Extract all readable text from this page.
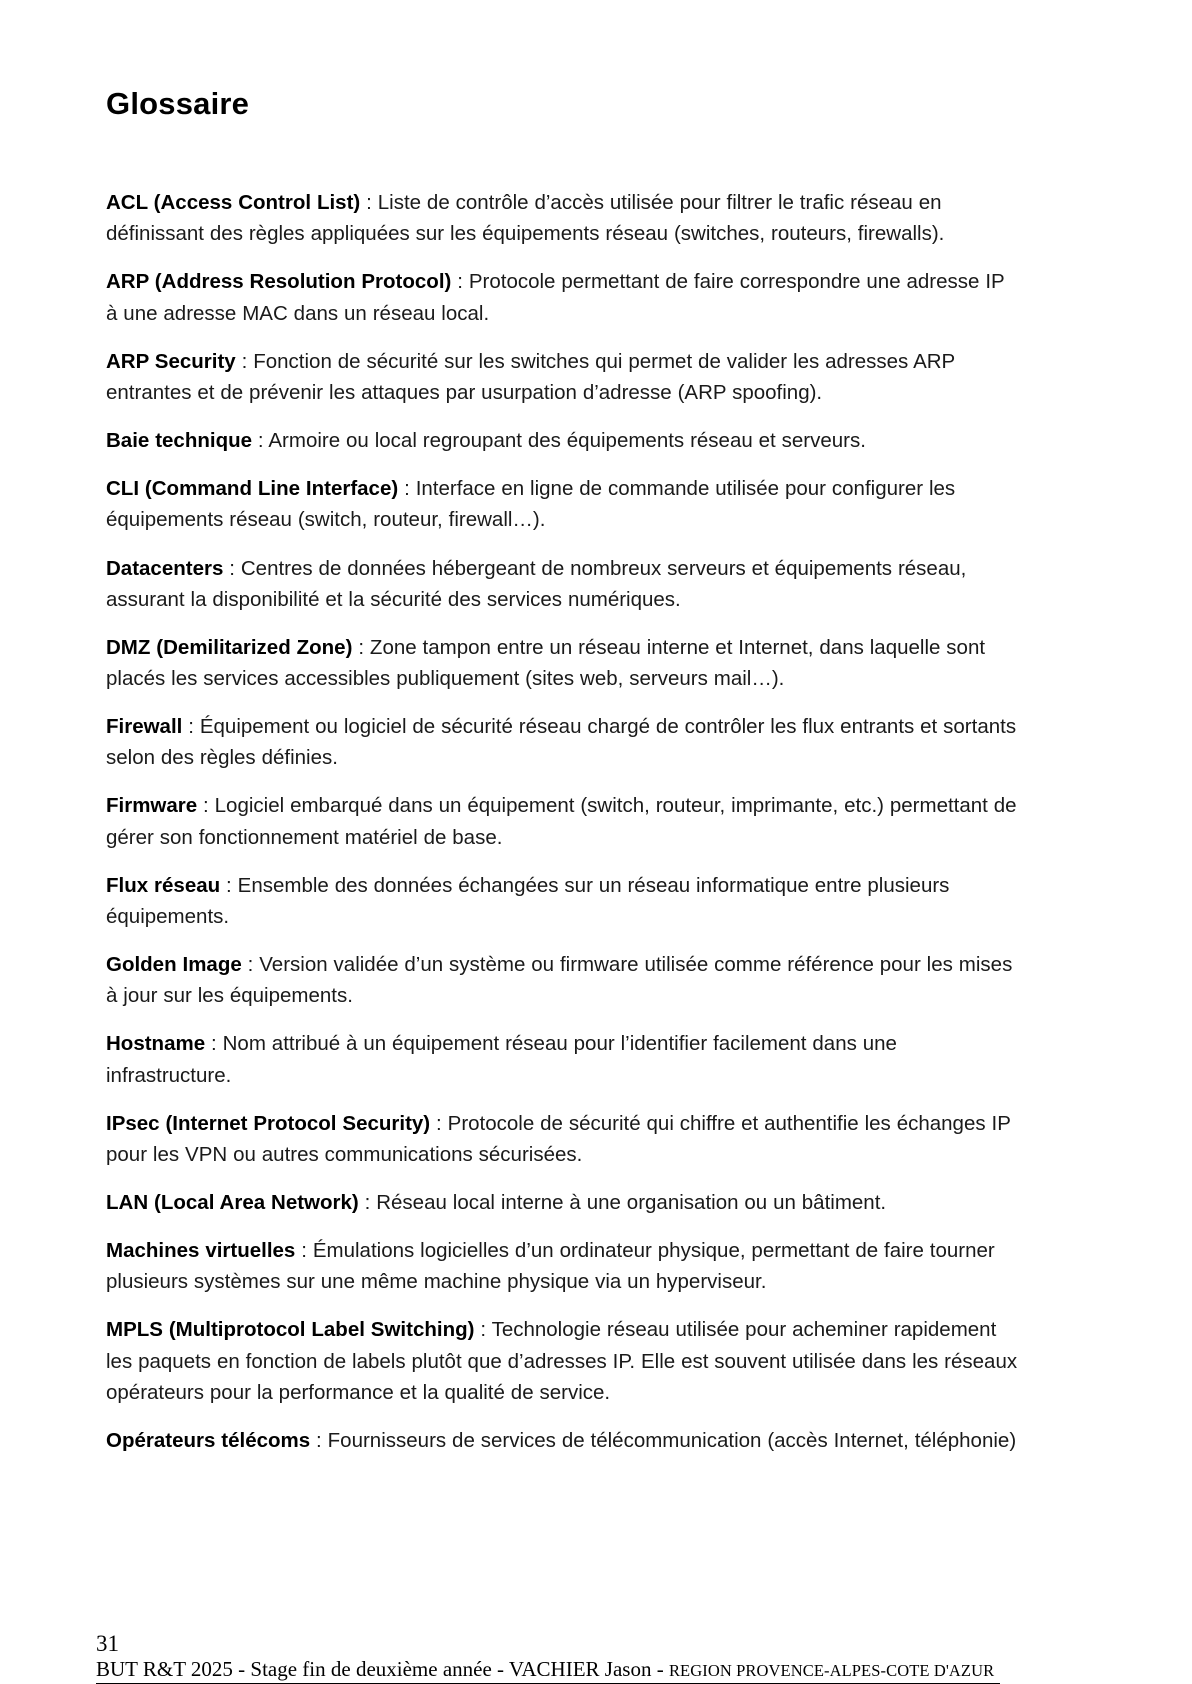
Glossaire

ACL (Access Control List) : Liste de contrôle d’accès utilisée pour filtrer le trafic réseau en définissant des règles appliquées sur les équipements réseau (switches, routeurs, firewalls).

ARP (Address Resolution Protocol) : Protocole permettant de faire correspondre une adresse IP à une adresse MAC dans un réseau local.

ARP Security : Fonction de sécurité sur les switches qui permet de valider les adresses ARP entrantes et de prévenir les attaques par usurpation d’adresse (ARP spoofing).

Baie technique : Armoire ou local regroupant des équipements réseau et serveurs.

CLI (Command Line Interface) : Interface en ligne de commande utilisée pour configurer les équipements réseau (switch, routeur, firewall…).

Datacenters : Centres de données hébergeant de nombreux serveurs et équipements réseau, assurant la disponibilité et la sécurité des services numériques.

DMZ (Demilitarized Zone) : Zone tampon entre un réseau interne et Internet, dans laquelle sont placés les services accessibles publiquement (sites web, serveurs mail…).

Firewall : Équipement ou logiciel de sécurité réseau chargé de contrôler les flux entrants et sortants selon des règles définies.

Firmware : Logiciel embarqué dans un équipement (switch, routeur, imprimante, etc.) permettant de gérer son fonctionnement matériel de base.

Flux réseau : Ensemble des données échangées sur un réseau informatique entre plusieurs équipements.

Golden Image : Version validée d’un système ou firmware utilisée comme référence pour les mises à jour sur les équipements.

Hostname : Nom attribué à un équipement réseau pour l’identifier facilement dans une infrastructure.

IPsec (Internet Protocol Security) : Protocole de sécurité qui chiffre et authentifie les échanges IP pour les VPN ou autres communications sécurisées.

LAN (Local Area Network) : Réseau local interne à une organisation ou un bâtiment.

Machines virtuelles : Émulations logicielles d’un ordinateur physique, permettant de faire tourner plusieurs systèmes sur une même machine physique via un hyperviseur.

MPLS (Multiprotocol Label Switching) : Technologie réseau utilisée pour acheminer rapidement les paquets en fonction de labels plutôt que d’adresses IP. Elle est souvent utilisée dans les réseaux opérateurs pour la performance et la qualité de service.

Opérateurs télécoms : Fournisseurs de services de télécommunication (accès Internet, téléphonie)

31
BUT R&T 2025 - Stage fin de deuxième année - VACHIER Jason - REGION PROVENCE-ALPES-COTE D'AZUR
